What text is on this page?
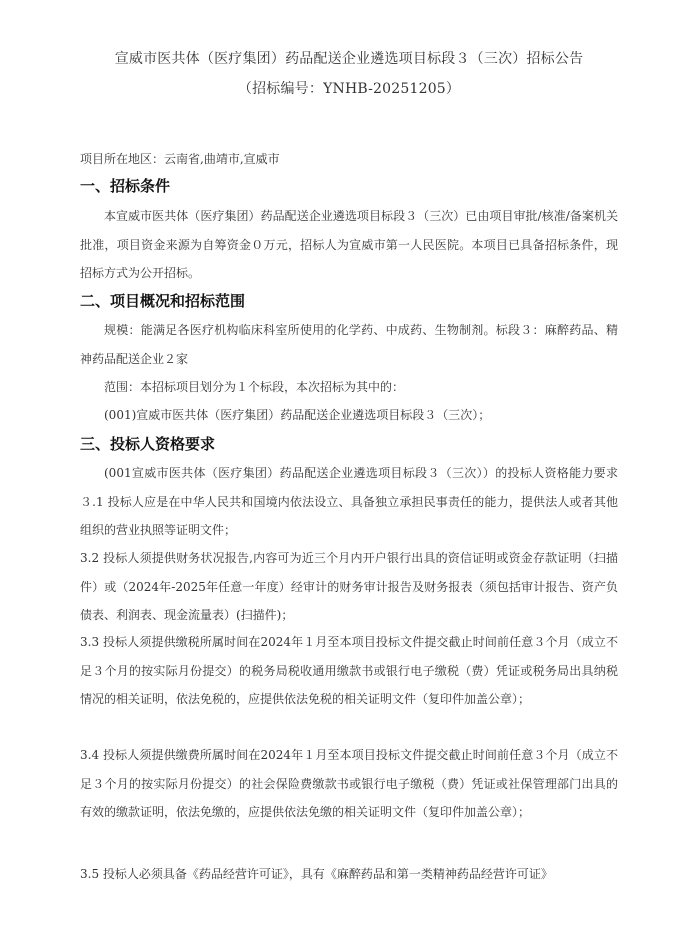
宣威市医共体（医疗集团）药品配送企业遴选项目标段３（三次）招标公告
（招标编号：YNHB-20251205）
项目所在地区：云南省,曲靖市,宣威市
一、招标条件
本宣威市医共体（医疗集团）药品配送企业遴选项目标段３（三次）已由项目审批/核准/备案机关批准，项目资金来源为自筹资金０万元，招标人为宣威市第一人民医院。本项目已具备招标条件，现招标方式为公开招标。
二、项目概况和招标范围
规模：能满足各医疗机构临床科室所使用的化学药、中成药、生物制剂。标段３：麻醉药品、精神药品配送企业２家
范围：本招标项目划分为１个标段，本次招标为其中的：
(001)宣威市医共体（医疗集团）药品配送企业遴选项目标段３（三次）；
三、投标人资格要求
(001宣威市医共体（医疗集团）药品配送企业遴选项目标段３（三次））的投标人资格能力要求３.1 投标人应是在中华人民共和国境内依法设立、具备独立承担民事责任的能力，提供法人或者其他组织的营业执照等证明文件；
3.2 投标人须提供财务状况报告,内容可为近三个月内开户银行出具的资信证明或资金存款证明（扫描件）或（2024年-2025年任意一年度）经审计的财务审计报告及财务报表（须包括审计报告、资产负债表、利润表、现金流量表）(扫描件)；
3.3 投标人须提供缴税所属时间在2024年１月至本项目投标文件提交截止时间前任意３个月（成立不足３个月的按实际月份提交）的税务局税收通用缴款书或银行电子缴税（费）凭证或税务局出具纳税情况的相关证明，依法免税的，应提供依法免税的相关证明文件（复印件加盖公章）；
3.4 投标人须提供缴费所属时间在2024年１月至本项目投标文件提交截止时间前任意３个月（成立不足３个月的按实际月份提交）的社会保险费缴款书或银行电子缴税（费）凭证或社保管理部门出具的有效的缴款证明，依法免缴的，应提供依法免缴的相关证明文件（复印件加盖公章）；
3.5 投标人必须具备《药品经营许可证》，具有《麻醉药品和第一类精神药品经营许可证》
